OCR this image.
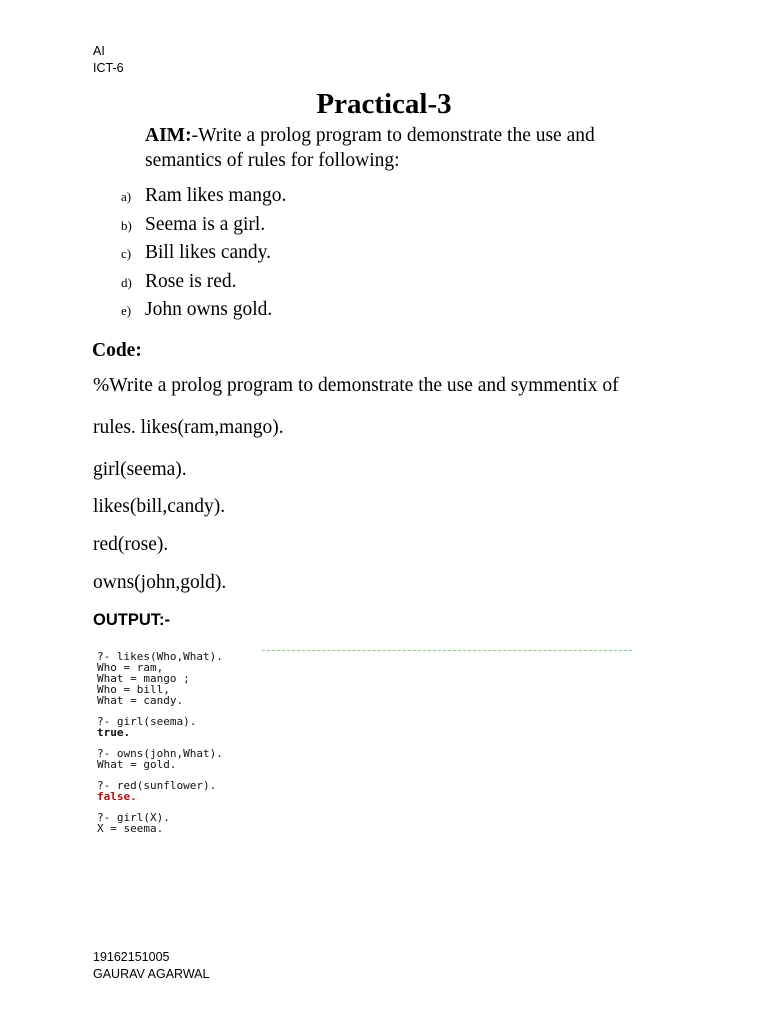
AI
ICT-6
Practical-3
AIM:-Write a prolog program to demonstrate the use and semantics of rules for following:
a) Ram likes mango.
b) Seema is a girl.
c) Bill likes candy.
d) Rose is red.
e) John owns gold.
Code:
%Write a prolog program to demonstrate the use and symmentix of
rules. likes(ram,mango).
girl(seema).
likes(bill,candy).
red(rose).
owns(john,gold).
OUTPUT:-
?- likes(Who,What).
Who = ram,
What = mango ;
Who = bill,
What = candy.
?- girl(seema).
true.
?- owns(john,What).
What = gold.
?- red(sunflower).
false.
?- girl(X).
X = seema.
19162151005
GAURAV AGARWAL
